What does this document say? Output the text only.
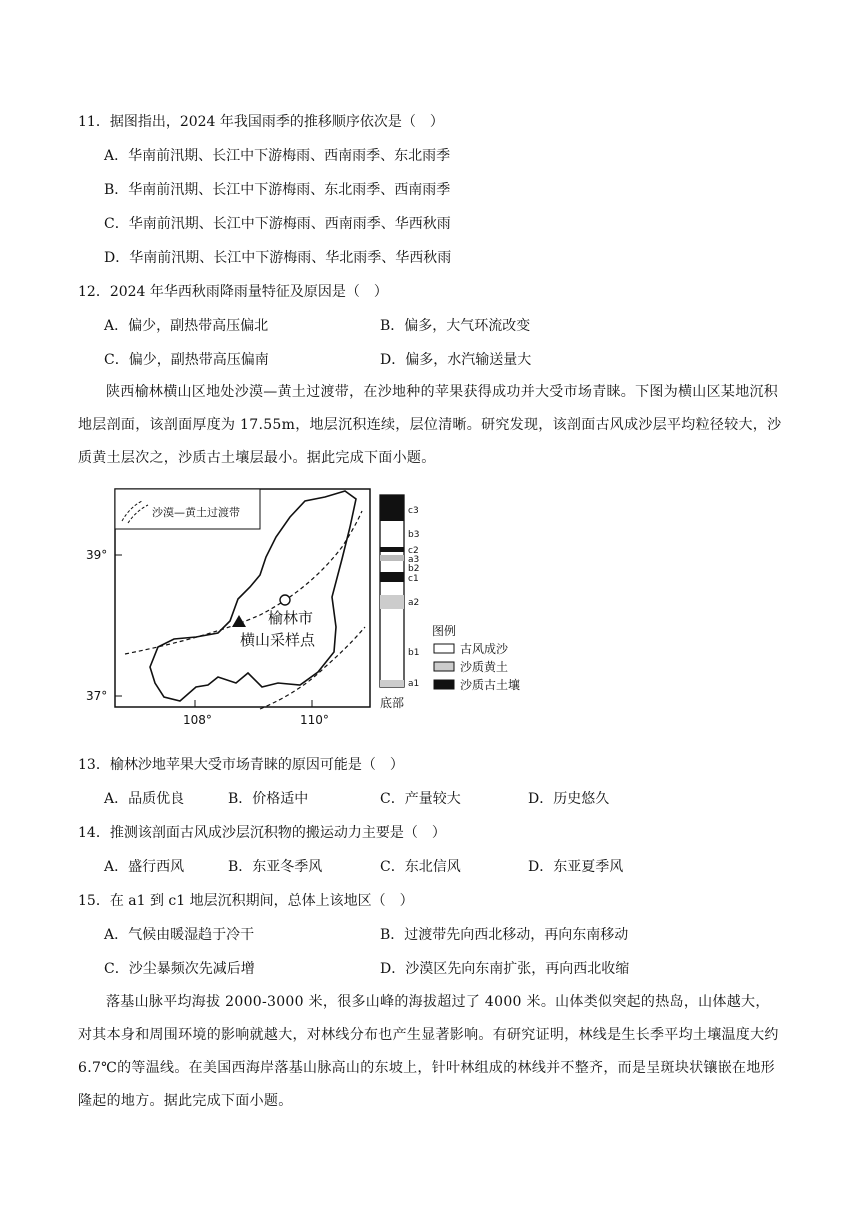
11．据图指出，2024 年我国雨季的推移顺序依次是（　）
A．华南前汛期、长江中下游梅雨、西南雨季、东北雨季
B．华南前汛期、长江中下游梅雨、东北雨季、西南雨季
C．华南前汛期、长江中下游梅雨、西南雨季、华西秋雨
D．华南前汛期、长江中下游梅雨、华北雨季、华西秋雨
12．2024 年华西秋雨降雨量特征及原因是（　）
A．偏少，副热带高压偏北	B．偏多，大气环流改变
C．偏少，副热带高压偏南	D．偏多，水汽输送量大
陕西榆林横山区地处沙漠—黄土过渡带，在沙地种的苹果获得成功并大受市场青睐。下图为横山区某地沉积地层剖面，该剖面厚度为 17.55m，地层沉积连续，层位清晰。研究发现，该剖面古风成沙层平均粒径较大，沙质黄土层次之，沙质古土壤层最小。据此完成下面小题。
沙漠—黄土过渡带
39°
37°
108°	110°
榆林市
横山采样点
c3
b3
c2
a3
b2
c1
a2
b1
a1
底部
图例
古风成沙
沙质黄土
沙质古土壤
13．榆林沙地苹果大受市场青睐的原因可能是（　）
A．品质优良	B．价格适中	C．产量较大	D．历史悠久
14．推测该剖面古风成沙层沉积物的搬运动力主要是（　）
A．盛行西风	B．东亚冬季风	C．东北信风	D．东亚夏季风
15．在 a1 到 c1 地层沉积期间，总体上该地区（　）
A．气候由暖湿趋于冷干	B．过渡带先向西北移动，再向东南移动
C．沙尘暴频次先减后增	D．沙漠区先向东南扩张，再向西北收缩
落基山脉平均海拔 2000-3000 米，很多山峰的海拔超过了 4000 米。山体类似突起的热岛，山体越大，对其本身和周围环境的影响就越大，对林线分布也产生显著影响。有研究证明，林线是生长季平均土壤温度大约 6.7℃的等温线。在美国西海岸落基山脉高山的东坡上，针叶林组成的林线并不整齐，而是呈斑块状镶嵌在地形隆起的地方。据此完成下面小题。
